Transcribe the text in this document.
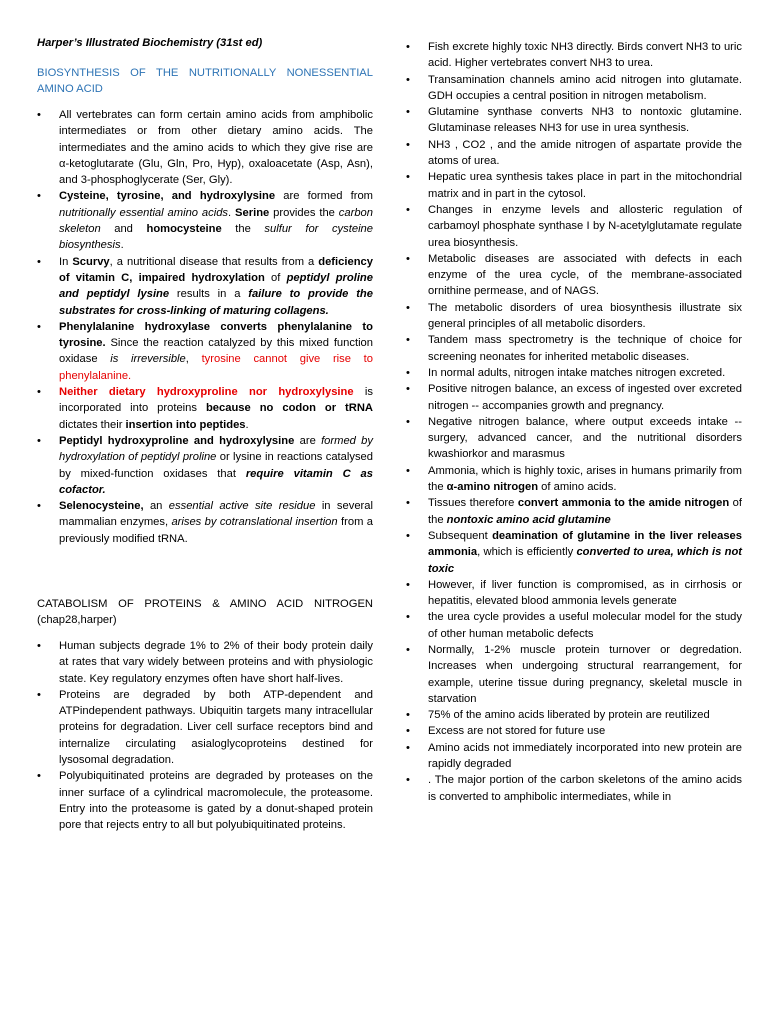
Harper’s Illustrated Biochemistry (31st ed)
BIOSYNTHESIS OF THE NUTRITIONALLY NONESSENTIAL AMINO ACID
•	All vertebrates can form certain amino acids from amphibolic intermediates or from other dietary amino acids. The intermediates and the amino acids to which they give rise are α-ketoglutarate (Glu, Gln, Pro, Hyp), oxaloacetate (Asp, Asn), and 3-phosphoglycerate (Ser, Gly).
•	Cysteine, tyrosine, and hydroxylysine are formed from nutritionally essential amino acids. Serine provides the carbon skeleton and homocysteine the sulfur for cysteine biosynthesis.
•	In Scurvy, a nutritional disease that results from a deficiency of vitamin C, impaired hydroxylation of peptidyl proline and peptidyl lysine results in a failure to provide the substrates for cross-linking of maturing collagens.
•	Phenylalanine hydroxylase converts phenylalanine to tyrosine. Since the reaction catalyzed by this mixed function oxidase is irreversible, tyrosine cannot give rise to phenylalanine.
•	Neither dietary hydroxyproline nor hydroxylysine is incorporated into proteins because no codon or tRNA dictates their insertion into peptides.
•	Peptidyl hydroxyproline and hydroxylysine are formed by hydroxylation of peptidyl proline or lysine in reactions catalysed by mixed-function oxidases that require vitamin C as cofactor.
•	Selenocysteine, an essential active site residue in several mammalian enzymes, arises by cotranslational insertion from a previously modified tRNA.
CATABOLISM OF PROTEINS & AMINO ACID NITROGEN (chap28,harper)
•	Human subjects degrade 1% to 2% of their body protein daily at rates that vary widely between proteins and with physiologic state. Key regulatory enzymes often have short half-lives.
•	Proteins are degraded by both ATP-dependent and ATPindependent pathways. Ubiquitin targets many intracellular proteins for degradation. Liver cell surface receptors bind and internalize circulating asialoglycoproteins destined for lysosomal degradation.
•	Polyubiquitinated proteins are degraded by proteases on the inner surface of a cylindrical macromolecule, the proteasome. Entry into the proteasome is gated by a donut-shaped protein pore that rejects entry to all but polyubiquitinated proteins.
•	Fish excrete highly toxic NH3 directly. Birds convert NH3 to uric acid. Higher vertebrates convert NH3 to urea.
•	Transamination channels amino acid nitrogen into glutamate. GDH occupies a central position in nitrogen metabolism.
•	Glutamine synthase converts NH3 to nontoxic glutamine. Glutaminase releases NH3 for use in urea synthesis.
•	NH3 , CO2 , and the amide nitrogen of aspartate provide the atoms of urea.
•	Hepatic urea synthesis takes place in part in the mitochondrial matrix and in part in the cytosol.
•	Changes in enzyme levels and allosteric regulation of carbamoyl phosphate synthase I by N-acetylglutamate regulate urea biosynthesis.
•	Metabolic diseases are associated with defects in each enzyme of the urea cycle, of the membrane-associated ornithine permease, and of NAGS.
•	The metabolic disorders of urea biosynthesis illustrate six general principles of all metabolic disorders.
•	Tandem mass spectrometry is the technique of choice for screening neonates for inherited metabolic diseases.
•	In normal adults, nitrogen intake matches nitrogen excreted.
•	Positive nitrogen balance, an excess of ingested over excreted nitrogen -- accompanies growth and pregnancy.
•	Negative nitrogen balance, where output exceeds intake -- surgery, advanced cancer, and the nutritional disorders kwashiorkor and marasmus
•	Ammonia, which is highly toxic, arises in humans primarily from the α-amino nitrogen of amino acids.
•	Tissues therefore convert ammonia to the amide nitrogen of the nontoxic amino acid glutamine
•	Subsequent deamination of glutamine in the liver releases ammonia, which is efficiently converted to urea, which is not toxic
•	However, if liver function is compromised, as in cirrhosis or hepatitis, elevated blood ammonia levels generate
•	the urea cycle provides a useful molecular model for the study of other human metabolic defects
•	Normally, 1-2% muscle protein turnover or degredation. Increases when undergoing structural rearrangement, for example, uterine tissue during pregnancy, skeletal muscle in starvation
•	75% of the amino acids liberated by protein are reutilized
•	Excess are not stored for future use
•	Amino acids not immediately incorporated into new protein are rapidly degraded
•	. The major portion of the carbon skeletons of the amino acids is converted to amphibolic intermediates, while in
